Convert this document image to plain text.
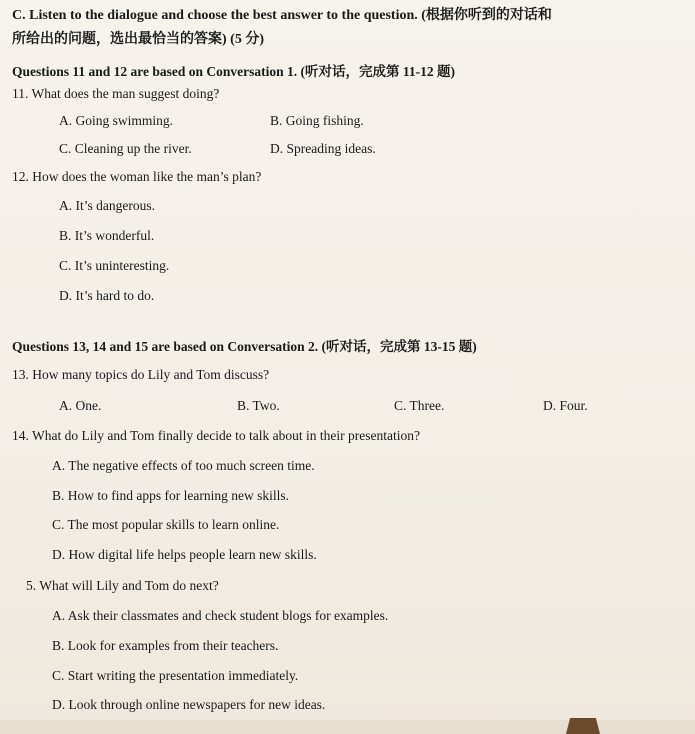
C. Listen to the dialogue and choose the best answer to the question. (根据你听到的对话和
所给出的问题，选出最恰当的答案) (5 分)
Questions 11 and 12 are based on Conversation 1. (听对话，完成第 11-12 题)
11. What does the man suggest doing?
A. Going swimming.	B. Going fishing.
C. Cleaning up the river.	D. Spreading ideas.
12. How does the woman like the man’s plan?
A. It’s dangerous.
B. It’s wonderful.
C. It’s uninteresting.
D. It’s hard to do.
Questions 13, 14 and 15 are based on Conversation 2. (听对话，完成第 13-15 题)
13. How many topics do Lily and Tom discuss?
A. One.	B. Two.	C. Three.	D. Four.
14. What do Lily and Tom finally decide to talk about in their presentation?
A. The negative effects of too much screen time.
B. How to find apps for learning new skills.
C. The most popular skills to learn online.
D. How digital life helps people learn new skills.
5. What will Lily and Tom do next?
A. Ask their classmates and check student blogs for examples.
B. Look for examples from their teachers.
C. Start writing the presentation immediately.
D. Look through online newspapers for new ideas.
